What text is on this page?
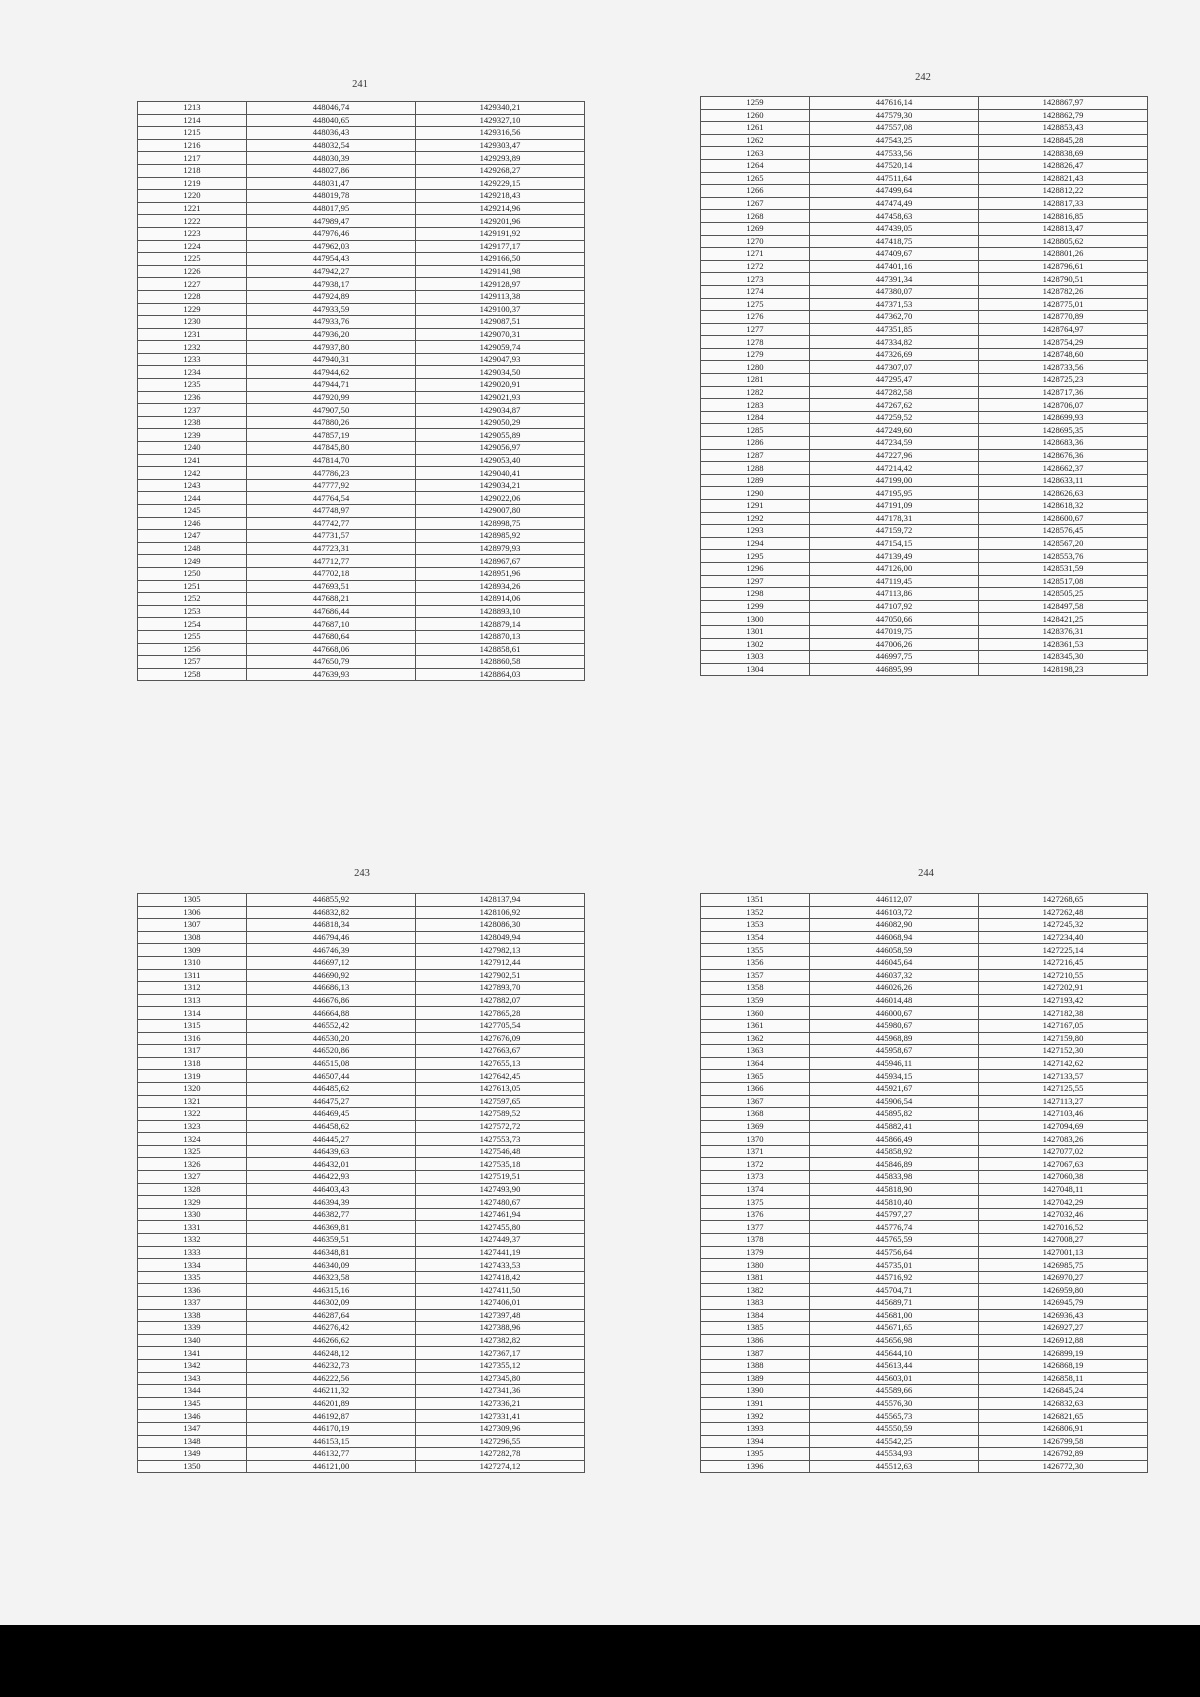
241
242
243	244
1213	448046,74	1429340,21
1214	448040,65	1429327,10
1215	448036,43	1429316,56
1216	448032,54	1429303,47
1217	448030,39	1429293,89
1218	448027,86	1429268,27
1219	448031,47	1429229,15
1220	448019,78	1429218,43
1221	448017,95	1429214,96
1222	447989,47	1429201,96
1223	447976,46	1429191,92
1224	447962,03	1429177,17
1225	447954,43	1429166,50
1226	447942,27	1429141,98
1227	447938,17	1429128,97
1228	447924,89	1429113,38
1229	447933,59	1429100,37
1230	447933,76	1429087,51
1231	447936,20	1429070,31
1232	447937,80	1429059,74
1233	447940,31	1429047,93
1234	447944,62	1429034,50
1235	447944,71	1429020,91
1236	447920,99	1429021,93
1237	447907,50	1429034,87
1238	447880,26	1429050,29
1239	447857,19	1429055,89
1240	447845,80	1429056,97
1241	447814,70	1429053,40
1242	447786,23	1429040,41
1243	447777,92	1429034,21
1244	447764,54	1429022,06
1245	447748,97	1429007,80
1246	447742,77	1428998,75
1247	447731,57	1428985,92
1248	447723,31	1428979,93
1249	447712,77	1428967,67
1250	447702,18	1428951,96
1251	447693,51	1428934,26
1252	447688,21	1428914,06
1253	447686,44	1428893,10
1254	447687,10	1428879,14
1255	447680,64	1428870,13
1256	447668,06	1428858,61
1257	447650,79	1428860,58
1258	447639,93	1428864,03
1259	447616,14	1428867,97
1260	447579,30	1428862,79
1261	447557,08	1428853,43
1262	447543,25	1428845,28
1263	447533,56	1428838,69
1264	447520,14	1428826,47
1265	447511,64	1428821,43
1266	447499,64	1428812,22
1267	447474,49	1428817,33
1268	447458,63	1428816,85
1269	447439,05	1428813,47
1270	447418,75	1428805,62
1271	447409,67	1428801,26
1272	447401,16	1428796,61
1273	447391,34	1428790,51
1274	447380,07	1428782,26
1275	447371,53	1428775,01
1276	447362,70	1428770,89
1277	447351,85	1428764,97
1278	447334,82	1428754,29
1279	447326,69	1428748,60
1280	447307,07	1428733,56
1281	447295,47	1428725,23
1282	447282,58	1428717,36
1283	447267,62	1428706,07
1284	447259,52	1428699,93
1285	447249,60	1428695,35
1286	447234,59	1428683,36
1287	447227,96	1428676,36
1288	447214,42	1428662,37
1289	447199,00	1428633,11
1290	447195,95	1428626,63
1291	447191,09	1428618,32
1292	447178,31	1428600,67
1293	447159,72	1428576,45
1294	447154,15	1428567,20
1295	447139,49	1428553,76
1296	447126,00	1428531,59
1297	447119,45	1428517,08
1298	447113,86	1428505,25
1299	447107,92	1428497,58
1300	447050,66	1428421,25
1301	447019,75	1428376,31
1302	447006,26	1428361,53
1303	446997,75	1428345,30
1304	446895,99	1428198,23
1305	446855,92	1428137,94
1306	446832,82	1428106,92
1307	446818,34	1428086,30
1308	446794,46	1428049,94
1309	446746,39	1427982,13
1310	446697,12	1427912,44
1311	446690,92	1427902,51
1312	446686,13	1427893,70
1313	446676,86	1427882,07
1314	446664,88	1427865,28
1315	446552,42	1427705,54
1316	446530,20	1427676,09
1317	446520,86	1427663,67
1318	446515,08	1427655,13
1319	446507,44	1427642,45
1320	446485,62	1427613,05
1321	446475,27	1427597,65
1322	446469,45	1427589,52
1323	446458,62	1427572,72
1324	446445,27	1427553,73
1325	446439,63	1427546,48
1326	446432,01	1427535,18
1327	446422,93	1427519,51
1328	446403,43	1427493,90
1329	446394,39	1427480,67
1330	446382,77	1427461,94
1331	446369,81	1427455,80
1332	446359,51	1427449,37
1333	446348,81	1427441,19
1334	446340,09	1427433,53
1335	446323,58	1427418,42
1336	446315,16	1427411,50
1337	446302,09	1427406,01
1338	446287,64	1427397,48
1339	446276,42	1427388,96
1340	446266,62	1427382,82
1341	446248,12	1427367,17
1342	446232,73	1427355,12
1343	446222,56	1427345,80
1344	446211,32	1427341,36
1345	446201,89	1427336,21
1346	446192,87	1427331,41
1347	446170,19	1427309,96
1348	446153,15	1427296,55
1349	446132,77	1427282,78
1350	446121,00	1427274,12
1351	446112,07	1427268,65
1352	446103,72	1427262,48
1353	446082,90	1427245,32
1354	446068,94	1427234,40
1355	446058,59	1427225,14
1356	446045,64	1427216,45
1357	446037,32	1427210,55
1358	446026,26	1427202,91
1359	446014,48	1427193,42
1360	446000,67	1427182,38
1361	445980,67	1427167,05
1362	445968,89	1427159,80
1363	445958,67	1427152,30
1364	445946,11	1427142,62
1365	445934,15	1427133,57
1366	445921,67	1427125,55
1367	445906,54	1427113,27
1368	445895,82	1427103,46
1369	445882,41	1427094,69
1370	445866,49	1427083,26
1371	445858,92	1427077,02
1372	445846,89	1427067,63
1373	445833,98	1427060,38
1374	445818,90	1427048,11
1375	445810,40	1427042,29
1376	445797,27	1427032,46
1377	445776,74	1427016,52
1378	445765,59	1427008,27
1379	445756,64	1427001,13
1380	445735,01	1426985,75
1381	445716,92	1426970,27
1382	445704,71	1426959,80
1383	445689,71	1426945,79
1384	445681,00	1426936,43
1385	445671,65	1426927,27
1386	445656,98	1426912,88
1387	445644,10	1426899,19
1388	445613,44	1426868,19
1389	445603,01	1426858,11
1390	445589,66	1426845,24
1391	445576,30	1426832,63
1392	445565,73	1426821,65
1393	445550,59	1426806,91
1394	445542,25	1426799,58
1395	445534,93	1426792,89
1396	445512,63	1426772,30
